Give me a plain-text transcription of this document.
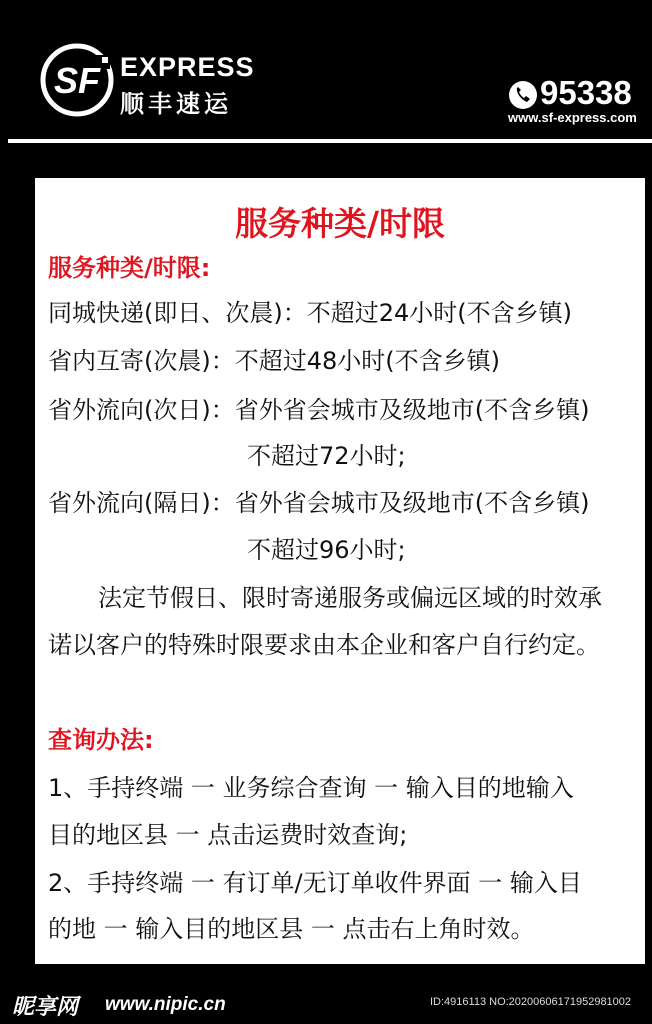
SF EXPRESS
顺丰速运	95338
www.sf-express.com
服务种类/时限
服务种类/时限:
同城快递(即日、次晨)：不超过24小时(不含乡镇)
省内互寄(次晨)：不超过48小时(不含乡镇)
省外流向(次日)：省外省会城市及级地市(不含乡镇)
不超过72小时;
省外流向(隔日)：省外省会城市及级地市(不含乡镇)
不超过96小时;
法定节假日、限时寄递服务或偏远区域的时效承
诺以客户的特殊时限要求由本企业和客户自行约定。
查询办法:
1、手持终端 一 业务综合查询 一 输入目的地输入
目的地区县 一 点击运费时效查询;
2、手持终端 一 有订单/无订单收件界面 一 输入目
的地 一 输入目的地区县 一 点击右上角时效。
昵享网 www.nipic.cn	ID:4916113 NO:20200606171952981002
